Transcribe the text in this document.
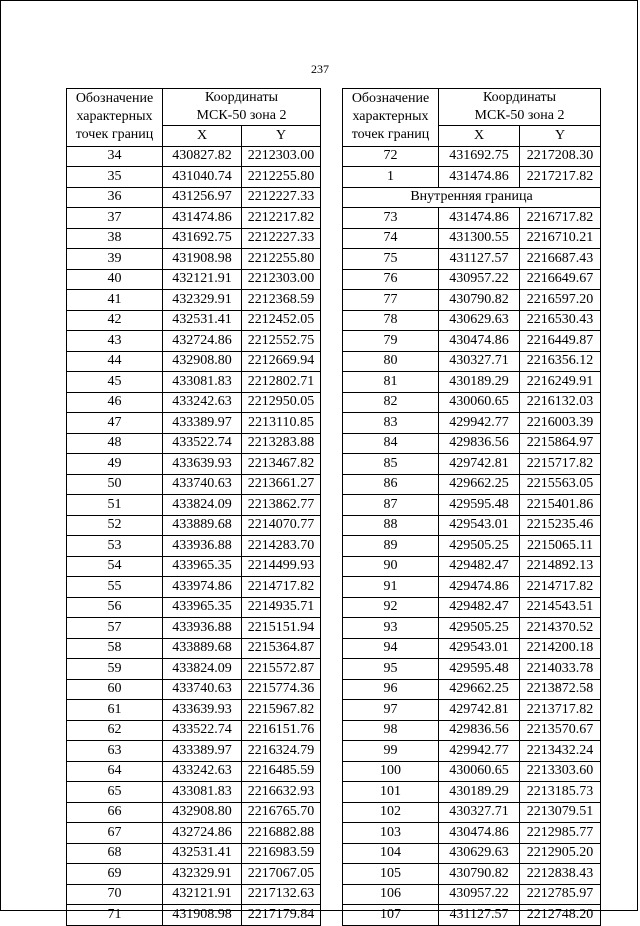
237
Обозначение
характерных
точек границ	Координаты
МСК-50 зона 2	

	X	Y
34	430827.82	2212303.00
35	431040.74	2212255.80
36	431256.97	2212227.33
37	431474.86	2212217.82
38	431692.75	2212227.33
39	431908.98	2212255.80
40	432121.91	2212303.00
41	432329.91	2212368.59
42	432531.41	2212452.05
43	432724.86	2212552.75
44	432908.80	2212669.94
45	433081.83	2212802.71
46	433242.63	2212950.05
47	433389.97	2213110.85
48	433522.74	2213283.88
49	433639.93	2213467.82
50	433740.63	2213661.27
51	433824.09	2213862.77
52	433889.68	2214070.77
53	433936.88	2214283.70
54	433965.35	2214499.93
55	433974.86	2214717.82
56	433965.35	2214935.71
57	433936.88	2215151.94
58	433889.68	2215364.87
59	433824.09	2215572.87
60	433740.63	2215774.36
61	433639.93	2215967.82
62	433522.74	2216151.76
63	433389.97	2216324.79
64	433242.63	2216485.59
65	433081.83	2216632.93
66	432908.80	2216765.70
67	432724.86	2216882.88
68	432531.41	2216983.59
69	432329.91	2217067.05
70	432121.91	2217132.63
71	431908.98	2217179.84
Обозначение
характерных
точек границ	Координаты
МСК-50 зона 2	

	X	Y
72	431692.75	2217208.30
1	431474.86	2217217.82
Внутренняя граница		
73	431474.86	2216717.82
74	431300.55	2216710.21
75	431127.57	2216687.43
76	430957.22	2216649.67
77	430790.82	2216597.20
78	430629.63	2216530.43
79	430474.86	2216449.87
80	430327.71	2216356.12
81	430189.29	2216249.91
82	430060.65	2216132.03
83	429942.77	2216003.39
84	429836.56	2215864.97
85	429742.81	2215717.82
86	429662.25	2215563.05
87	429595.48	2215401.86
88	429543.01	2215235.46
89	429505.25	2215065.11
90	429482.47	2214892.13
91	429474.86	2214717.82
92	429482.47	2214543.51
93	429505.25	2214370.52
94	429543.01	2214200.18
95	429595.48	2214033.78
96	429662.25	2213872.58
97	429742.81	2213717.82
98	429836.56	2213570.67
99	429942.77	2213432.24
100	430060.65	2213303.60
101	430189.29	2213185.73
102	430327.71	2213079.51
103	430474.86	2212985.77
104	430629.63	2212905.20
105	430790.82	2212838.43
106	430957.22	2212785.97
107	431127.57	2212748.20
